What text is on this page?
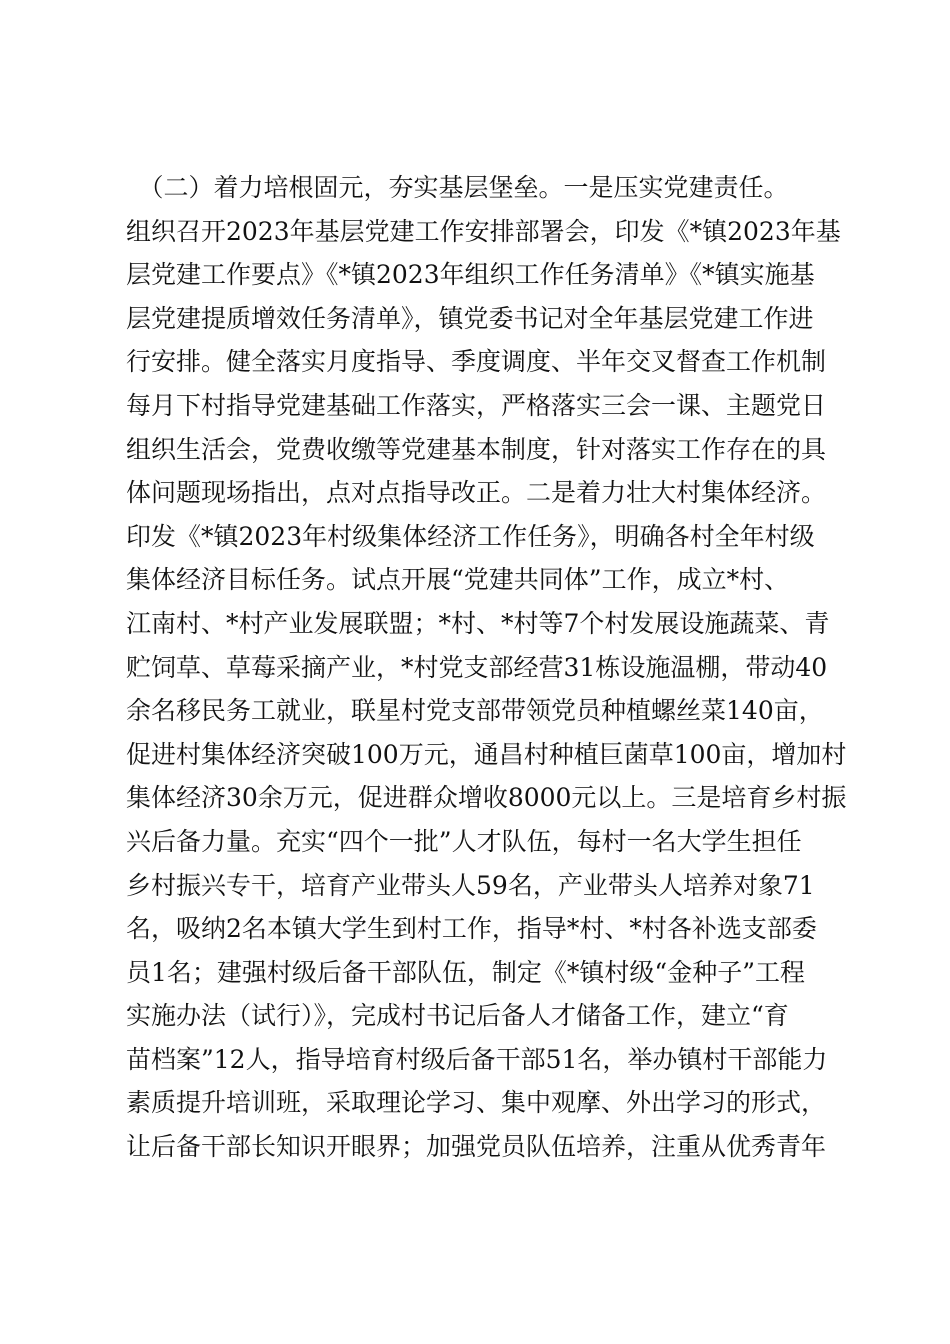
　（二）着力培根固元，夯实基层堡垒。一是压实党建责任。
组织召开2023年基层党建工作安排部署会，印发《*镇2023年基
层党建工作要点》《*镇2023年组织工作任务清单》《*镇实施基
层党建提质增效任务清单》，镇党委书记对全年基层党建工作进
行安排。健全落实月度指导、季度调度、半年交叉督查工作机制
每月下村指导党建基础工作落实，严格落实三会一课、主题党日
组织生活会，党费收缴等党建基本制度，针对落实工作存在的具
体问题现场指出，点对点指导改正。二是着力壮大村集体经济。
印发《*镇2023年村级集体经济工作任务》，明确各村全年村级
集体经济目标任务。试点开展“党建共同体”工作，成立*村、
江南村、*村产业发展联盟；*村、*村等7个村发展设施蔬菜、青
贮饲草、草莓采摘产业，*村党支部经营31栋设施温棚，带动40
余名移民务工就业，联星村党支部带领党员种植螺丝菜140亩，
促进村集体经济突破100万元，通昌村种植巨菌草100亩，增加村
集体经济30余万元，促进群众增收8000元以上。三是培育乡村振
兴后备力量。充实“四个一批”人才队伍，每村一名大学生担任
乡村振兴专干，培育产业带头人59名，产业带头人培养对象71
名，吸纳2名本镇大学生到村工作，指导*村、*村各补选支部委
员1名；建强村级后备干部队伍，制定《*镇村级“金种子”工程
实施办法（试行）》，完成村书记后备人才储备工作，建立“育
苗档案”12人，指导培育村级后备干部51名，举办镇村干部能力
素质提升培训班，采取理论学习、集中观摩、外出学习的形式，
让后备干部长知识开眼界；加强党员队伍培养，注重从优秀青年
